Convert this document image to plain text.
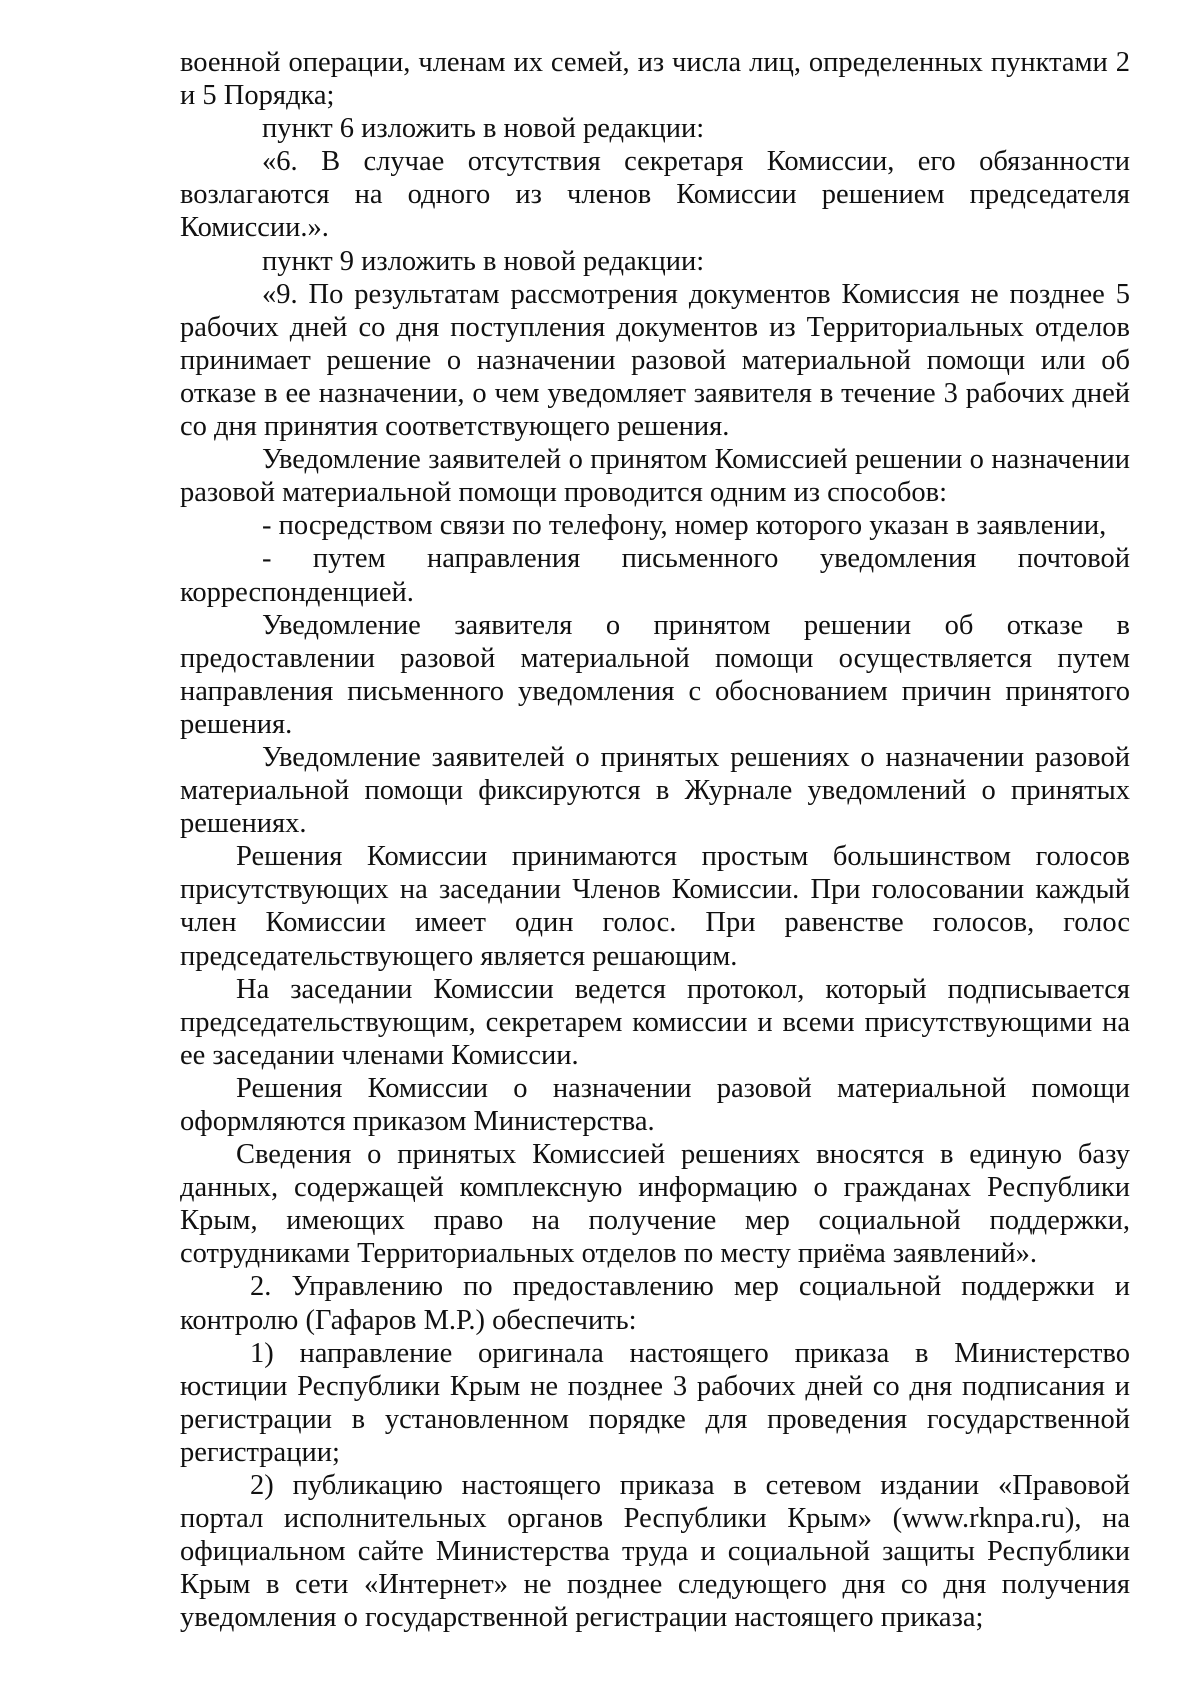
военной операции, членам их семей, из числа лиц, определенных пунктами 2 и 5 Порядка;

пункт 6 изложить в новой редакции:

«6. В случае отсутствия секретаря Комиссии, его обязанности возлагаются на одного из членов Комиссии решением председателя Комиссии.».

пункт 9 изложить в новой редакции:

«9. По результатам рассмотрения документов Комиссия не позднее 5 рабочих дней со дня поступления документов из Территориальных отделов принимает решение о назначении разовой материальной помощи или об отказе в ее назначении, о чем уведомляет заявителя в течение 3 рабочих дней со дня принятия соответствующего решения.

Уведомление заявителей о принятом Комиссией решении о назначении разовой материальной помощи проводится одним из способов:

- посредством связи по телефону, номер которого указан в заявлении,

- путем направления письменного уведомления почтовой корреспонденцией.

Уведомление заявителя о принятом решении об отказе в предоставлении разовой материальной помощи осуществляется путем направления письменного уведомления с обоснованием причин принятого решения.

Уведомление заявителей о принятых решениях о назначении разовой материальной помощи фиксируются в Журнале уведомлений о принятых решениях.

Решения Комиссии принимаются простым большинством голосов присутствующих на заседании Членов Комиссии. При голосовании каждый член Комиссии имеет один голос. При равенстве голосов, голос председательствующего является решающим.

На заседании Комиссии ведется протокол, который подписывается председательствующим, секретарем комиссии и всеми присутствующими на ее заседании членами Комиссии.

Решения Комиссии о назначении разовой материальной помощи оформляются приказом Министерства.

Сведения о принятых Комиссией решениях вносятся в единую базу данных, содержащей комплексную информацию о гражданах Республики Крым, имеющих право на получение мер социальной поддержки, сотрудниками Территориальных отделов по месту приёма заявлений».

2. Управлению по предоставлению мер социальной поддержки и контролю (Гафаров М.Р.) обеспечить:

1) направление оригинала настоящего приказа в Министерство юстиции Республики Крым не позднее 3 рабочих дней со дня подписания и регистрации в установленном порядке для проведения государственной регистрации;

2) публикацию настоящего приказа в сетевом издании «Правовой портал исполнительных органов Республики Крым» (www.rknpa.ru), на официальном сайте Министерства труда и социальной защиты Республики Крым в сети «Интернет» не позднее следующего дня со дня получения уведомления о государственной регистрации настоящего приказа;
